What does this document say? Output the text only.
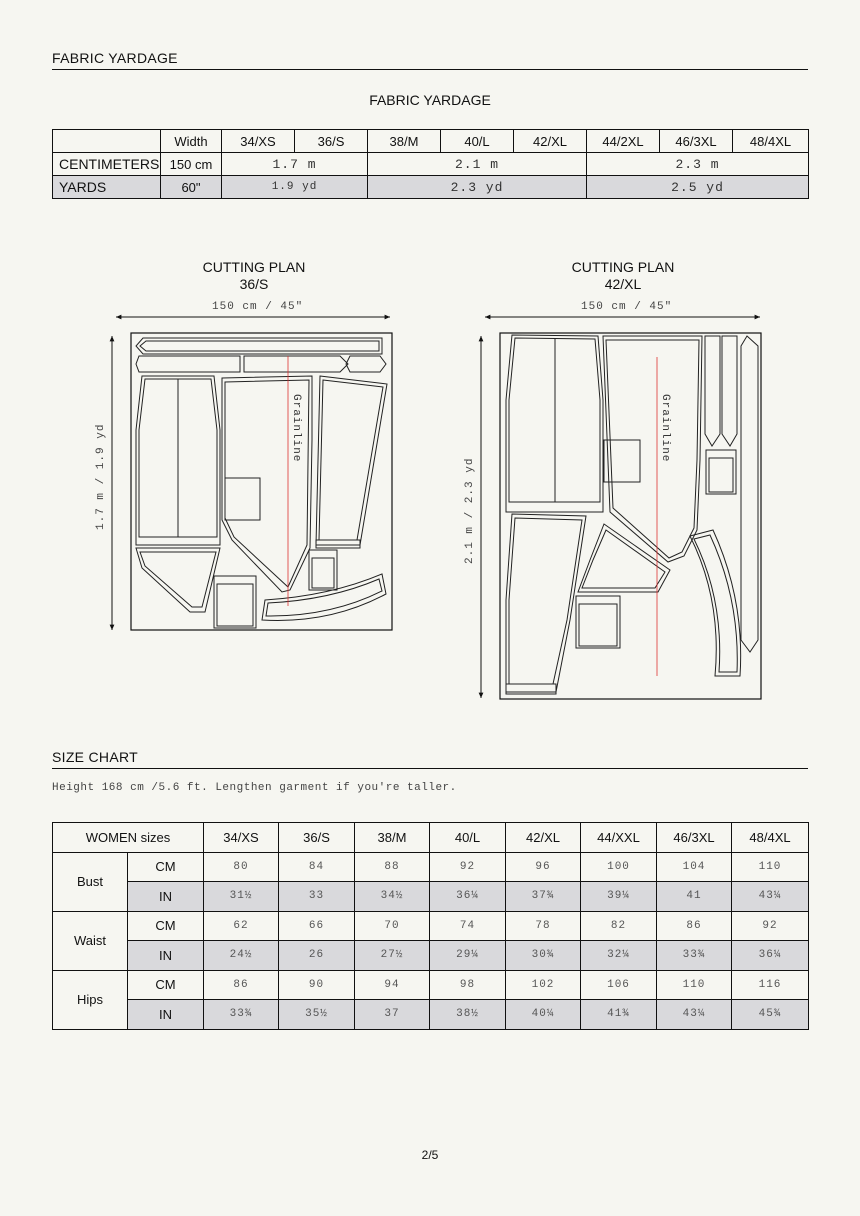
FABRIC YARDAGE
FABRIC YARDAGE
	Width	34/XS	36/S	38/M	40/L	42/XL	44/2XL	46/3XL	48/4XL
CENTIMETERS	150 cm	1.7 m		2.1 m			2.3 m		
YARDS	60"	1.9 yd		2.3 yd			2.5 yd		
CUTTING PLAN
36/S
CUTTING PLAN
42/XL
150 cm / 45"	150 cm / 45"
1.7 m / 1.9 yd	2.1 m / 2.3 yd
Grainline	Grainline
SIZE CHART
Height 168 cm /5.6 ft. Lengthen garment if you're taller.
WOMEN sizes		34/XS	36/S	38/M	40/L	42/XL	44/XXL	46/3XL	48/4XL
Bust	CM	80	84	88	92	96	100	104	110
	IN	31½	33	34½	36¼	37¾	39¼	41	43¼
Waist	CM	62	66	70	74	78	82	86	92
	IN	24½	26	27½	29¼	30¾	32¼	33¾	36¼
Hips	CM	86	90	94	98	102	106	110	116
	IN	33¾	35½	37	38½	40¼	41¾	43¼	45¾
2/5
